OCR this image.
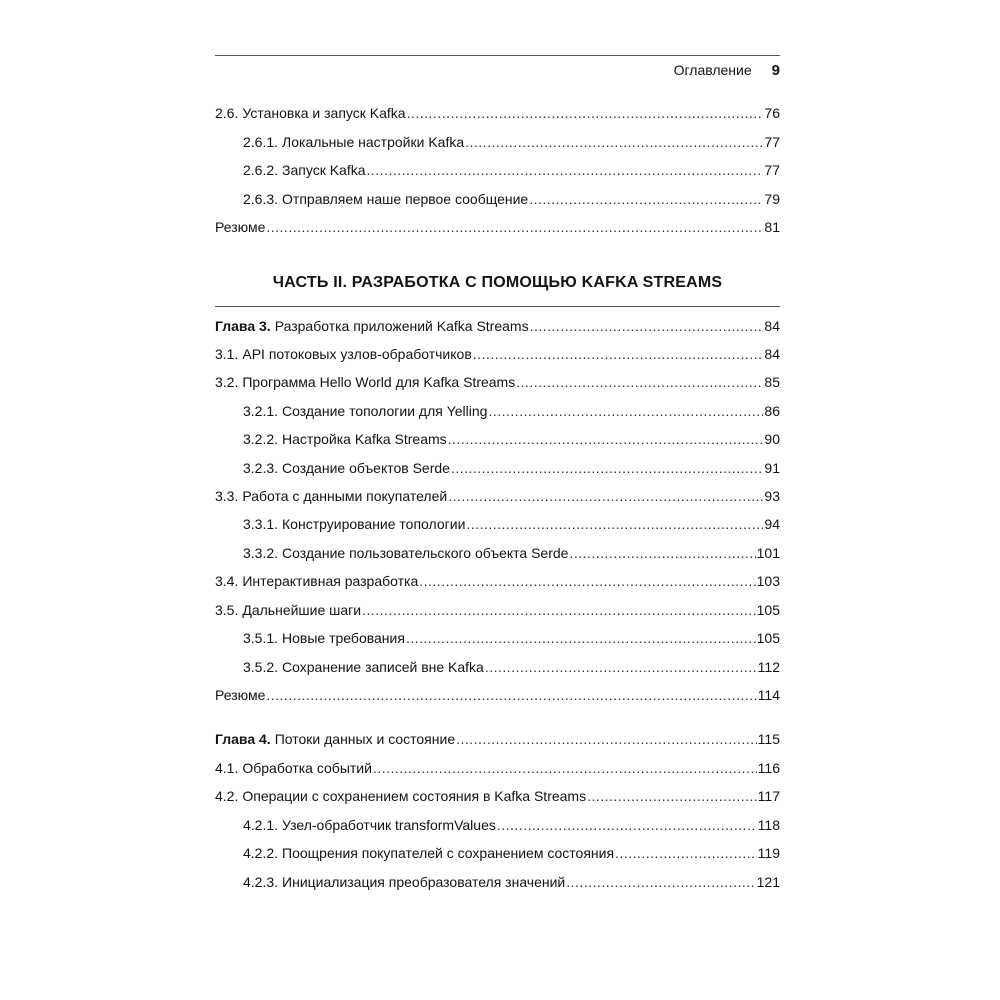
Оглавление 9
2.6. Установка и запуск Kafka .....	76
2.6.1. Локальные настройки Kafka .....	77
2.6.2. Запуск Kafka .....	77
2.6.3. Отправляем наше первое сообщение .....	79
Резюме .....	81
ЧАСТЬ II. РАЗРАБОТКА С ПОМОЩЬЮ KAFKA STREAMS
Глава 3. Разработка приложений Kafka Streams .....	84
3.1. API потоковых узлов-обработчиков .....	84
3.2. Программа Hello World для Kafka Streams .....	85
3.2.1. Создание топологии для Yelling .....	86
3.2.2. Настройка Kafka Streams .....	90
3.2.3. Создание объектов Serde .....	91
3.3. Работа с данными покупателей .....	93
3.3.1. Конструирование топологии .....	94
3.3.2. Создание пользовательского объекта Serde .....	101
3.4. Интерактивная разработка .....	103
3.5. Дальнейшие шаги .....	105
3.5.1. Новые требования .....	105
3.5.2. Сохранение записей вне Kafka .....	112
Резюме .....	114
Глава 4. Потоки данных и состояние .....	115
4.1. Обработка событий .....	116
4.2. Операции с сохранением состояния в Kafka Streams .....	117
4.2.1. Узел-обработчик transformValues .....	118
4.2.2. Поощрения покупателей с сохранением состояния .....	119
4.2.3. Инициализация преобразователя значений .....	121
